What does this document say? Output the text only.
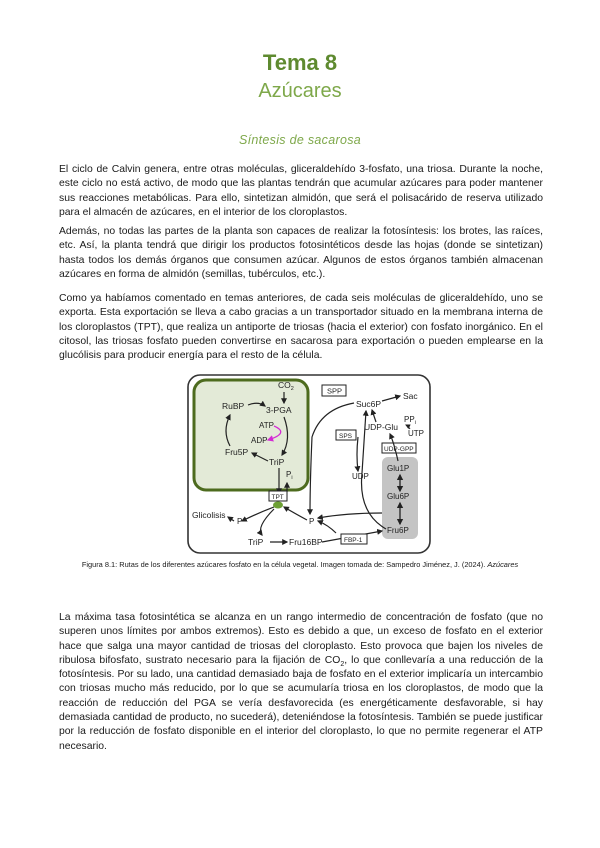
Tema 8
Azúcares
Síntesis de sacarosa

El ciclo de Calvin genera, entre otras moléculas, gliceraldehído 3-fosfato, una triosa. Durante la noche, este ciclo no está activo, de modo que las plantas tendrán que acumular azúcares para poder mantener sus reacciones metabólicas. Para ello, sintetizan almidón, que será el polisacárido de reserva utilizado para el almacén de azúcares, en el interior de los cloroplastos.

Además, no todas las partes de la planta son capaces de realizar la fotosíntesis: los brotes, las raíces, etc. Así, la planta tendrá que dirigir los productos fotosintéticos desde las hojas (donde se sintetizan) hasta todos los demás órganos que consumen azúcar. Algunos de estos órganos también almacenan azúcares en forma de almidón (semillas, tubérculos, etc.).

Como ya habíamos comentado en temas anteriores, de cada seis moléculas de gliceraldehído, uno se exporta. Esta exportación se lleva a cabo gracias a un transportador situado en la membrana interna de los cloroplastos (TPT), que realiza un antiporte de triosas (hacia el exterior) con fosfato inorgánico. En el citosol, las triosas fosfato pueden convertirse en sacarosa para exportación o pueden emplearse en la glucólisis para producir energía para el resto de la célula.

$CO_2$
RuBP	3-PGA
ATP
ADP
Fru5P
TriP
$P_i$
TPT
Glicolisis
P	P
TriP	Fru16BP	FBP-1
SPP
Suc6P
Sac
UDP-Glu
$PP_i$
UTP
SPS
UDP
UDP-GPP
Glu1P
Glu6P
Fru6P
Figura 8.1: Rutas de los diferentes azúcares fosfato en la célula vegetal. Imagen tomada de: Sampedro Jiménez, J. (2024). Azúcares

La máxima tasa fotosintética se alcanza en un rango intermedio de concentración de fosfato (que no superen unos límites por ambos extremos). Esto es debido a que, un exceso de fosfato en el exterior hace que salga una mayor cantidad de triosas del cloroplasto. Esto provoca que bajen los niveles de ribulosa bifosfato, sustrato necesario para la fijación de $CO_2$, lo que conllevaría a una reducción de la fotosíntesis. Por su lado, una cantidad demasiado baja de fosfato en el exterior implicaría un intercambio con triosas mucho más reducido, por lo que se acumularía triosa en los cloroplastos, de modo que la reacción de reducción del PGA se vería desfavorecida (es energéticamente desfavorable, si hay demasiada cantidad de producto, no sucederá), deteniéndose la fotosíntesis. También se puede justificar por la reducción de fosfato disponible en el interior del cloroplasto, lo que no permite regenerar el ATP necesario.
